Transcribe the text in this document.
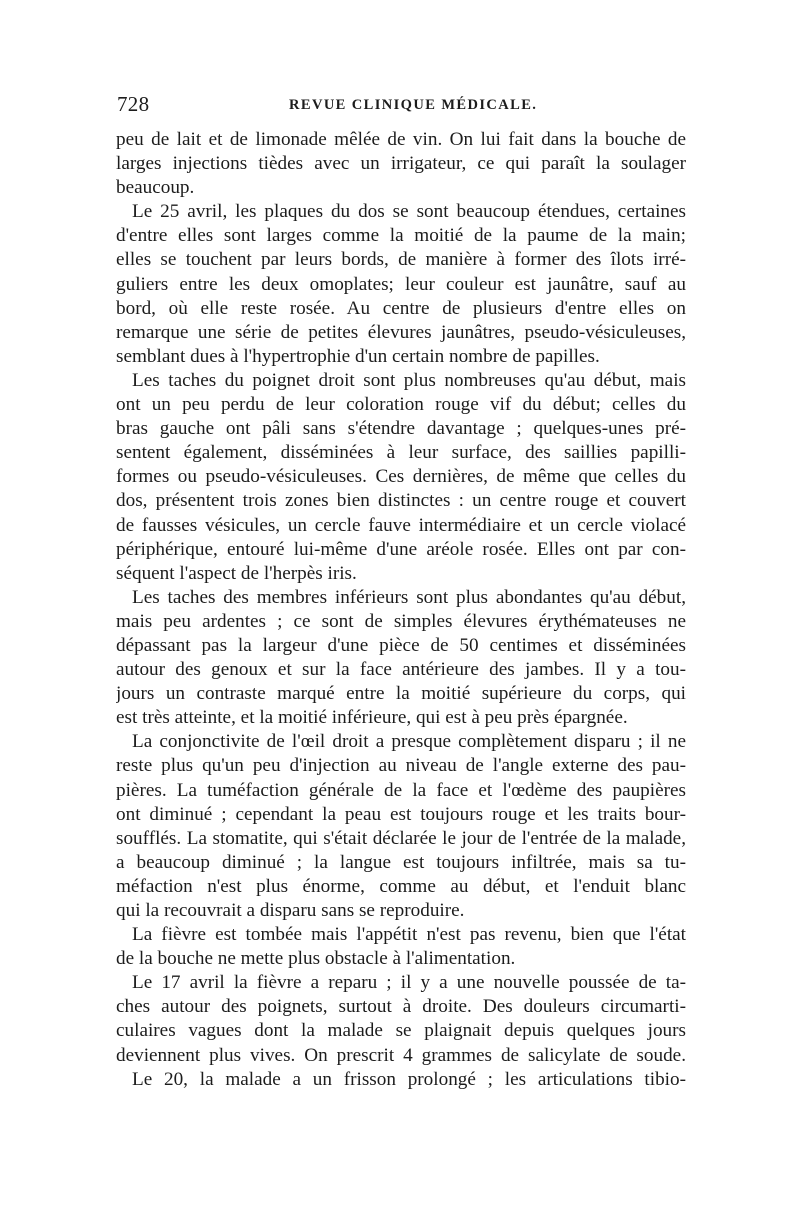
728	REVUE CLINIQUE MÉDICALE.
peu de lait et de limonade mêlée de vin. On lui fait dans la bouche de
larges injections tièdes avec un irrigateur, ce qui paraît la soulager
beaucoup.
Le 25 avril, les plaques du dos se sont beaucoup étendues, certaines
d'entre elles sont larges comme la moitié de la paume de la main;
elles se touchent par leurs bords, de manière à former des îlots irré-
guliers entre les deux omoplates; leur couleur est jaunâtre, sauf au
bord, où elle reste rosée. Au centre de plusieurs d'entre elles on
remarque une série de petites élevures jaunâtres, pseudo-vésiculeuses,
semblant dues à l'hypertrophie d'un certain nombre de papilles.
Les taches du poignet droit sont plus nombreuses qu'au début, mais
ont un peu perdu de leur coloration rouge vif du début; celles du
bras gauche ont pâli sans s'étendre davantage ; quelques-unes pré-
sentent également, disséminées à leur surface, des saillies papilli-
formes ou pseudo-vésiculeuses. Ces dernières, de même que celles du
dos, présentent trois zones bien distinctes : un centre rouge et couvert
de fausses vésicules, un cercle fauve intermédiaire et un cercle violacé
périphérique, entouré lui-même d'une aréole rosée. Elles ont par con-
séquent l'aspect de l'herpès iris.
Les taches des membres inférieurs sont plus abondantes qu'au début,
mais peu ardentes ; ce sont de simples élevures érythémateuses ne
dépassant pas la largeur d'une pièce de 50 centimes et disséminées
autour des genoux et sur la face antérieure des jambes. Il y a tou-
jours un contraste marqué entre la moitié supérieure du corps, qui
est très atteinte, et la moitié inférieure, qui est à peu près épargnée.
La conjonctivite de l'œil droit a presque complètement disparu ; il ne
reste plus qu'un peu d'injection au niveau de l'angle externe des pau-
pières. La tuméfaction générale de la face et l'œdème des paupières
ont diminué ; cependant la peau est toujours rouge et les traits bour-
soufflés. La stomatite, qui s'était déclarée le jour de l'entrée de la malade,
a beaucoup diminué ; la langue est toujours infiltrée, mais sa tu-
méfaction n'est plus énorme, comme au début, et l'enduit blanc
qui la recouvrait a disparu sans se reproduire.
La fièvre est tombée mais l'appétit n'est pas revenu, bien que l'état
de la bouche ne mette plus obstacle à l'alimentation.
Le 17 avril la fièvre a reparu ; il y a une nouvelle poussée de ta-
ches autour des poignets, surtout à droite. Des douleurs circumarti-
culaires vagues dont la malade se plaignait depuis quelques jours
deviennent plus vives. On prescrit 4 grammes de salicylate de soude.
Le 20, la malade a un frisson prolongé ; les articulations tibio-
